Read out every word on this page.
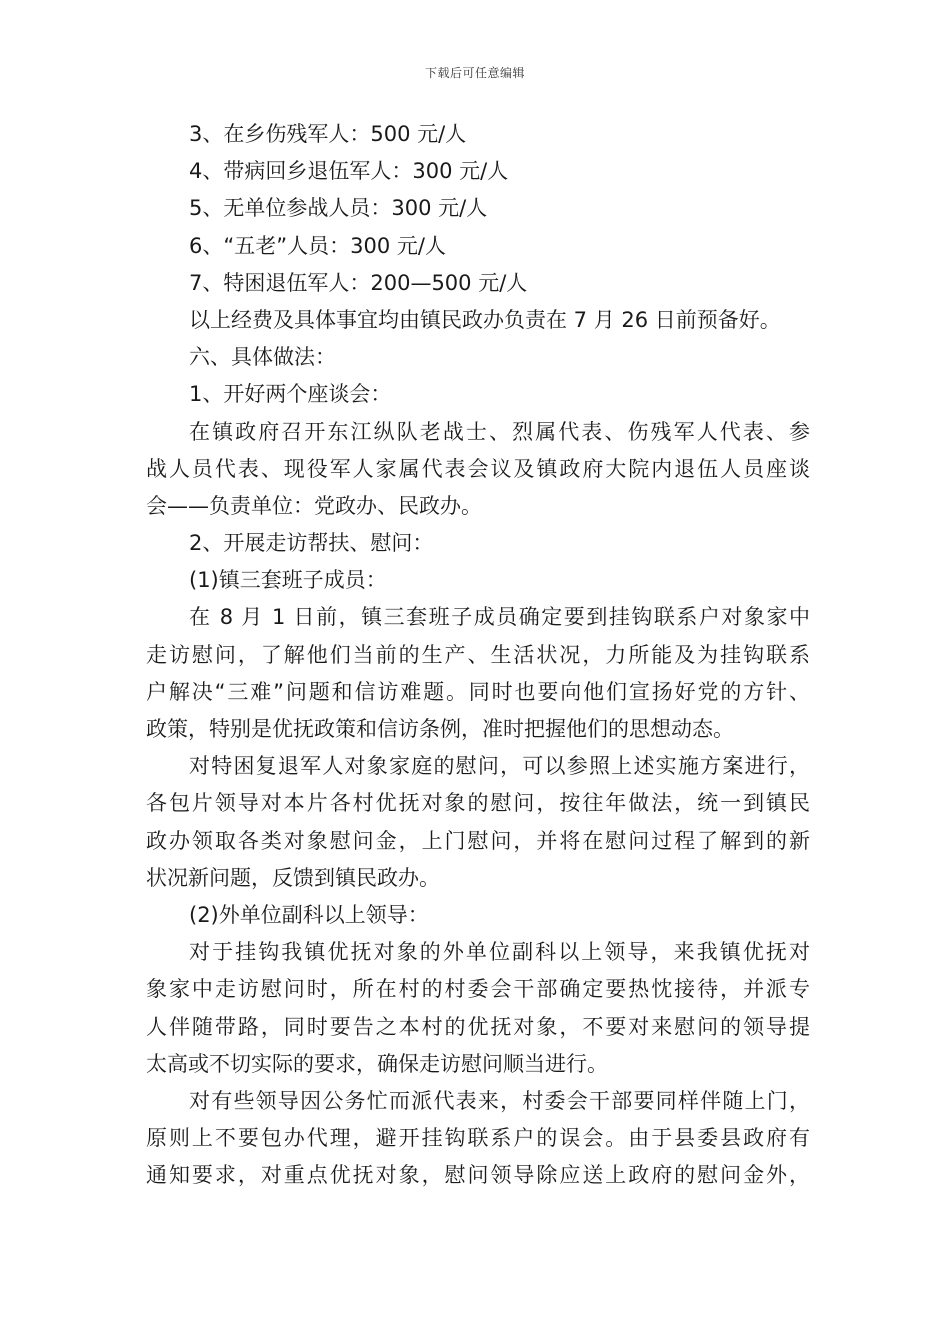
下载后可任意编辑
3、在乡伤残军人：500 元/人
4、带病回乡退伍军人：300 元/人
5、无单位参战人员：300 元/人
6、“五老”人员：300 元/人
7、特困退伍军人：200—500 元/人
以上经费及具体事宜均由镇民政办负责在 7 月 26 日前预备好。
六、具体做法：
1、开好两个座谈会：
在镇政府召开东江纵队老战士、烈属代表、伤残军人代表、参
战人员代表、现役军人家属代表会议及镇政府大院内退伍人员座谈
会——负责单位：党政办、民政办。
2、开展走访帮扶、慰问：
(1)镇三套班子成员：
在 8 月 1 日前，镇三套班子成员确定要到挂钩联系户对象家中
走访慰问，了解他们当前的生产、生活状况，力所能及为挂钩联系
户解决“三难”问题和信访难题。同时也要向他们宣扬好党的方针、
政策，特别是优抚政策和信访条例，准时把握他们的思想动态。
对特困复退军人对象家庭的慰问，可以参照上述实施方案进行，
各包片领导对本片各村优抚对象的慰问，按往年做法，统一到镇民
政办领取各类对象慰问金，上门慰问，并将在慰问过程了解到的新
状况新问题，反馈到镇民政办。
(2)外单位副科以上领导：
对于挂钩我镇优抚对象的外单位副科以上领导，来我镇优抚对
象家中走访慰问时，所在村的村委会干部确定要热忱接待，并派专
人伴随带路，同时要告之本村的优抚对象，不要对来慰问的领导提
太高或不切实际的要求，确保走访慰问顺当进行。
对有些领导因公务忙而派代表来，村委会干部要同样伴随上门，
原则上不要包办代理，避开挂钩联系户的误会。由于县委县政府有
通知要求，对重点优抚对象，慰问领导除应送上政府的慰问金外，
